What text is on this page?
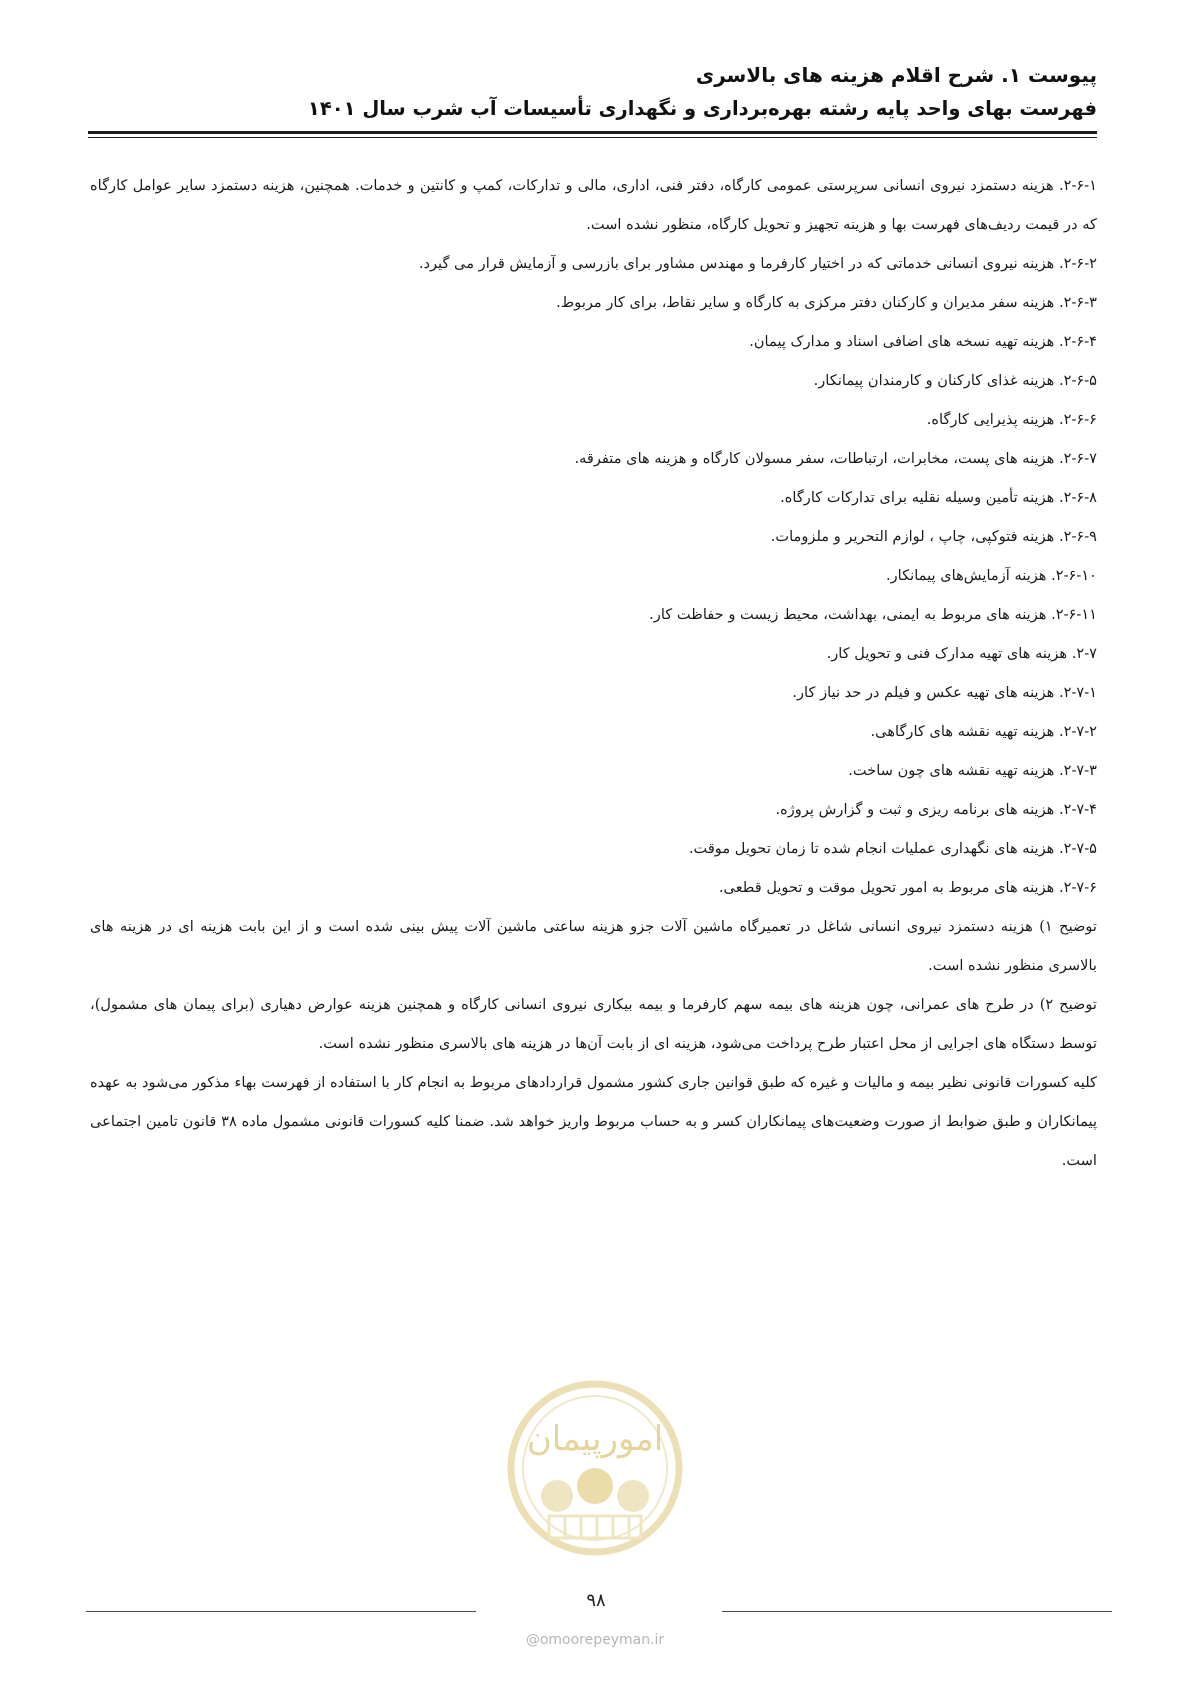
پیوست ۱. شرح اقلام هزینه های بالاسری
فهرست بهای واحد پایه رشته بهره‌برداری و نگهداری تأسیسات آب شرب سال ۱۴۰۱

۲-۶-۱. هزینه دستمزد نیروی انسانی سرپرستی عمومی کارگاه، دفتر فنی، اداری، مالی و تدارکات، کمپ و کانتین و خدمات. همچنین، هزینه دستمزد سایر عوامل کارگاه که در قیمت ردیف‌های فهرست بها و هزینه تجهیز و تحویل کارگاه، منظور نشده است.

۲-۶-۲. هزینه نیروی انسانی خدماتی که در اختیار کارفرما و مهندس مشاور برای بازرسی و آزمایش قرار می گیرد.

۲-۶-۳. هزینه سفر مدیران و کارکنان دفتر مرکزی به کارگاه و سایر نقاط، برای کار مربوط.

۲-۶-۴. هزینه تهیه نسخه های اضافی اسناد و مدارک پیمان.

۲-۶-۵. هزینه غذای کارکنان و کارمندان پیمانکار.

۲-۶-۶. هزینه پذیرایی کارگاه.

۲-۶-۷. هزینه های پست، مخابرات، ارتباطات، سفر مسولان کارگاه و هزینه های متفرقه.

۲-۶-۸. هزینه تأمین وسیله نقلیه برای تدارکات کارگاه.

۲-۶-۹. هزینه فتوکپی، چاپ ، لوازم التحریر و ملزومات.

۲-۶-۱۰. هزینه آزمایش‌های پیمانکار.

۲-۶-۱۱. هزینه های مربوط به ایمنی، بهداشت، محیط زیست و حفاظت کار.

۲-۷. هزینه های تهیه مدارک فنی و تحویل کار.

۲-۷-۱. هزینه های تهیه عکس و فیلم در حد نیاز کار.

۲-۷-۲. هزینه تهیه نقشه های کارگاهی.

۲-۷-۳. هزینه تهیه نقشه های چون ساخت.

۲-۷-۴. هزینه های برنامه ریزی و ثبت و گزارش پروژه.

۲-۷-۵. هزینه های نگهداری عملیات انجام شده تا زمان تحویل موقت.

۲-۷-۶. هزینه های مربوط به امور تحویل موقت و تحویل قطعی.

توضیح ۱) هزینه دستمزد نیروی انسانی شاغل در تعمیرگاه ماشین آلات جزو هزینه ساعتی ماشین آلات پیش بینی شده است و از این بابت هزینه ای در هزینه های بالاسری منظور نشده است.

توضیح ۲) در طرح های عمرانی، چون هزینه های بیمه سهم کارفرما و بیمه بیکاری نیروی انسانی کارگاه و همچنین هزینه عوارض دهیاری (برای پیمان های مشمول)، توسط دستگاه های اجرایی از محل اعتبار طرح پرداخت می‌شود، هزینه ای از بابت آن‌ها در هزینه های بالاسری منظور نشده است.

کلیه کسورات قانونی نظیر بیمه و مالیات و غیره که طبق قوانین جاری کشور مشمول قراردادهای مربوط به انجام کار با استفاده از فهرست بهاء مذکور می‌شود به عهده پیمانکاران و طبق ضوابط از صورت وضعیت‌های پیمانکاران کسر و به حساب مربوط واریز خواهد شد. ضمنا کلیه کسورات قانونی مشمول ماده ۳۸ قانون تامین اجتماعی است.

امورپیمان
۹۸
@omoorepeyman.ir
